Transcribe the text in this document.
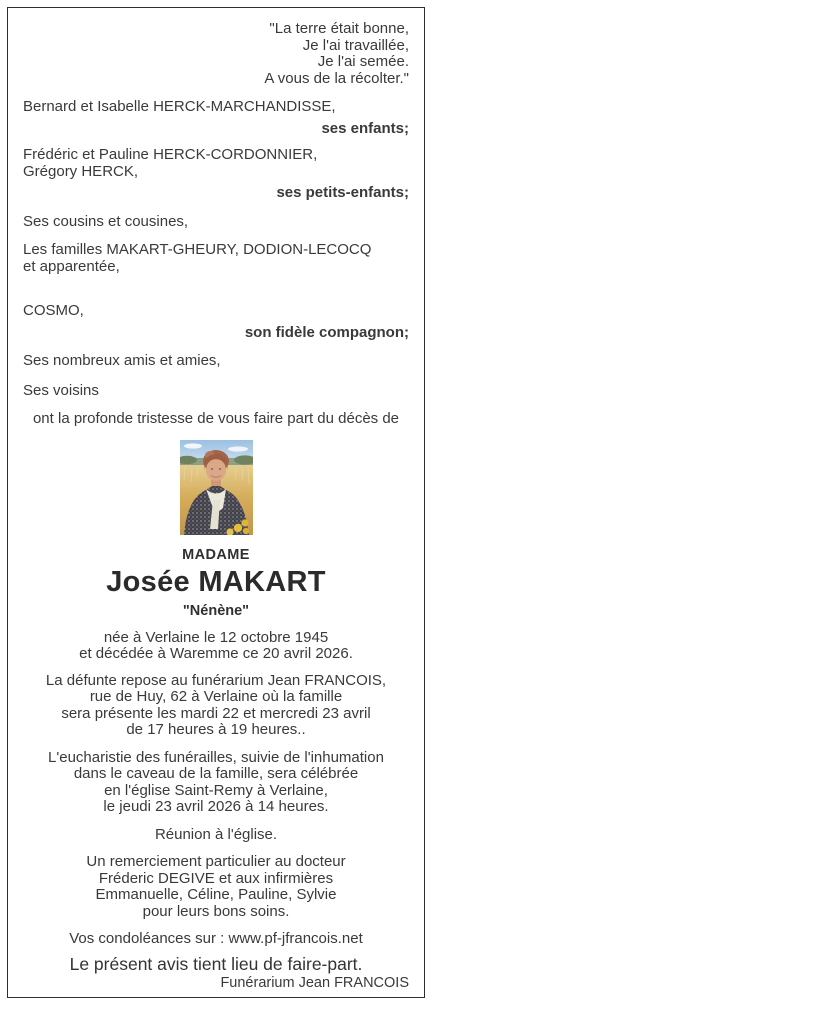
"La terre était bonne,
Je l'ai travaillée,
Je l'ai semée.
A vous de la récolter."
Bernard et Isabelle HERCK-MARCHANDISSE,
ses enfants;
Frédéric et Pauline HERCK-CORDONNIER,
Grégory HERCK,
ses petits-enfants;
Ses cousins et cousines,
Les familles MAKART-GHEURY, DODION-LECOCQ
et apparentée,
COSMO,
son fidèle compagnon;
Ses nombreux amis et amies,
Ses voisins
ont la profonde tristesse de vous faire part du décès de
MADAME
Josée MAKART
"Nénène"
née à Verlaine le 12 octobre 1945
et décédée à Waremme ce 20 avril 2026.
La défunte repose au funérarium Jean FRANCOIS,
rue de Huy, 62 à Verlaine où la famille
sera présente les mardi 22 et mercredi 23 avril
de 17 heures à 19 heures..
L'eucharistie des funérailles, suivie de l'inhumation
dans le caveau de la famille, sera célébrée
en l'église Saint-Remy à Verlaine,
le jeudi 23 avril 2026 à 14 heures.
Réunion à l'église.
Un remerciement particulier au docteur
Fréderic DEGIVE et aux infirmières
Emmanuelle, Céline, Pauline, Sylvie
pour leurs bons soins.
Vos condoléances sur : www.pf-jfrancois.net
Le présent avis tient lieu de faire-part.
Funérarium Jean FRANCOIS
